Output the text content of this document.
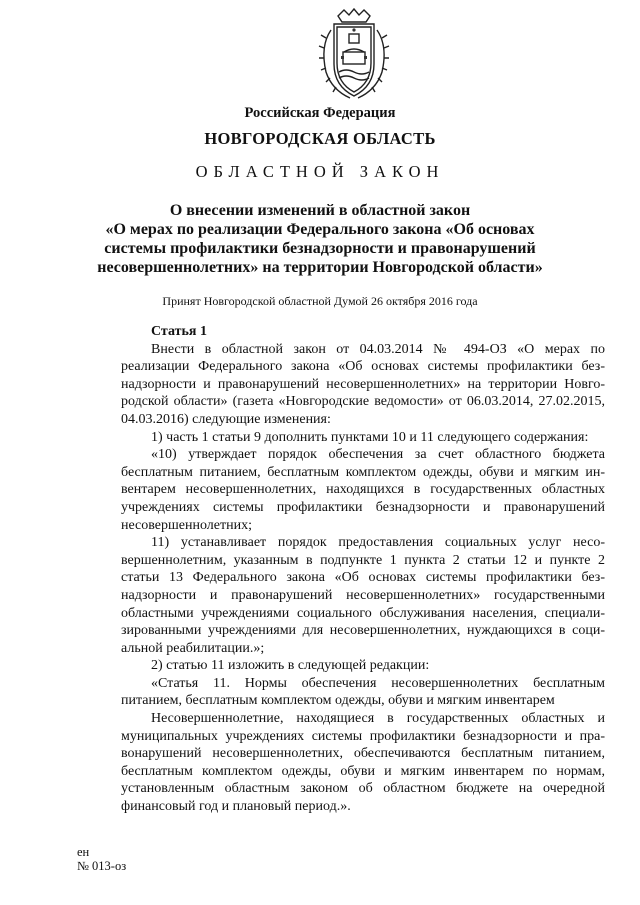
Российская Федерация
НОВГОРОДСКАЯ ОБЛАСТЬ
ОБЛАСТНОЙ ЗАКОН
О внесении изменений в областной закон
«О мерах по реализации Федерального закона «Об основах
системы профилактики безнадзорности и правонарушений
несовершеннолетних» на территории Новгородской области»
Принят Новгородской областной Думой 26 октября 2016 года
Статья 1
Внести в областной закон от 04.03.2014 № 494-ОЗ «О мерах по
реализации Федерального закона «Об основах системы профилактики без-
надзорности и правонарушений несовершеннолетних» на территории Новго-
родской области» (газета «Новгородские ведомости» от 06.03.2014, 27.02.2015,
04.03.2016) следующие изменения:
1) часть 1 статьи 9 дополнить пунктами 10 и 11 следующего содержания:
«10) утверждает порядок обеспечения за счет областного бюджета
бесплатным питанием, бесплатным комплектом одежды, обуви и мягким ин-
вентарем несовершеннолетних, находящихся в государственных областных
учреждениях системы профилактики безнадзорности и правонарушений
несовершеннолетних;
11) устанавливает порядок предоставления социальных услуг несо-
вершеннолетним, указанным в подпункте 1 пункта 2 статьи 12 и пункте 2
статьи 13 Федерального закона «Об основах системы профилактики без-
надзорности и правонарушений несовершеннолетних» государственными
областными учреждениями социального обслуживания населения, специали-
зированными учреждениями для несовершеннолетних, нуждающихся в соци-
альной реабилитации.»;
2) статью 11 изложить в следующей редакции:
«Статья 11. Нормы обеспечения несовершеннолетних бесплатным
питанием, бесплатным комплектом одежды, обуви и мягким инвентарем
Несовершеннолетние, находящиеся в государственных областных и
муниципальных учреждениях системы профилактики безнадзорности и пра-
вонарушений несовершеннолетних, обеспечиваются бесплатным питанием,
бесплатным комплектом одежды, обуви и мягким инвентарем по нормам,
установленным областным законом об областном бюджете на очередной
финансовый год и плановый период.».
ен
№ 013-оз
